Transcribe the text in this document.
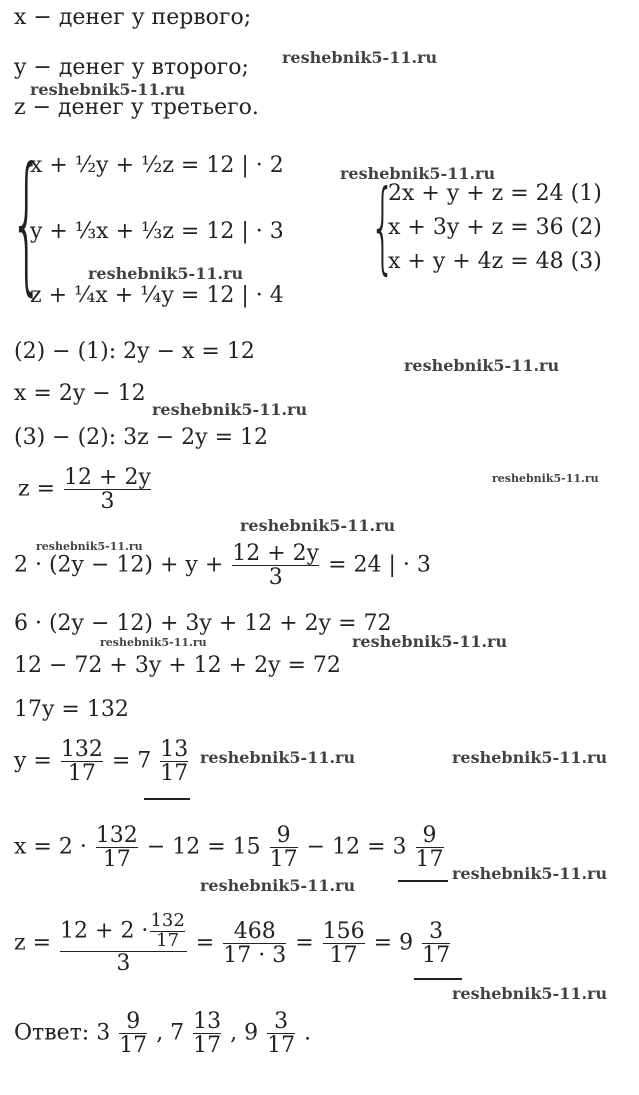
x − денег у первого;
y − денег у второго;
z − денег у третьего.
{
x + ½y + ½z = 12 | · 2
y + ⅓x + ⅓z = 12 | · 3
z + ¼x + ¼y = 12 | · 4
{
2x + y + z = 24 (1)
x + 3y + z = 36 (2)
x + y + 4z = 48 (3)
(2) − (1): 2y − x = 12
x = 2y − 12
(3) − (2): 3z − 2y = 12
$z = \frac{12 + 2y}{3}$
$2 \cdot (2y - 12) + y + \frac{12 + 2y}{3} = 24$ | · 3
6 · (2y − 12) + 3y + 12 + 2y = 72
12 − 72 + 3y + 12 + 2y = 72
17y = 132
$y = \frac{132}{17} = 7 \frac{13}{17}$
$x = 2 \cdot \frac{132}{17} - 12 = 15 \frac{9}{17} - 12 = 3 \frac{9}{17}$
$z = \frac{12 + 2 \cdot \frac{132}{17}}{3} = \frac{468}{17 \cdot 3} = \frac{156}{17} = 9 \frac{3}{17}$
Ответ: $3 \frac{9}{17}$ , $7 \frac{13}{17}$ , $9 \frac{3}{17}$ .
reshebnik5-11.ru
reshebnik5-11.ru
reshebnik5-11.ru
reshebnik5-11.ru
reshebnik5-11.ru
reshebnik5-11.ru
reshebnik5-11.ru
reshebnik5-11.ru
reshebnik5-11.ru
reshebnik5-11.ru	reshebnik5-11.ru
reshebnik5-11.ru	reshebnik5-11.ru
reshebnik5-11.ru
reshebnik5-11.ru
reshebnik5-11.ru
